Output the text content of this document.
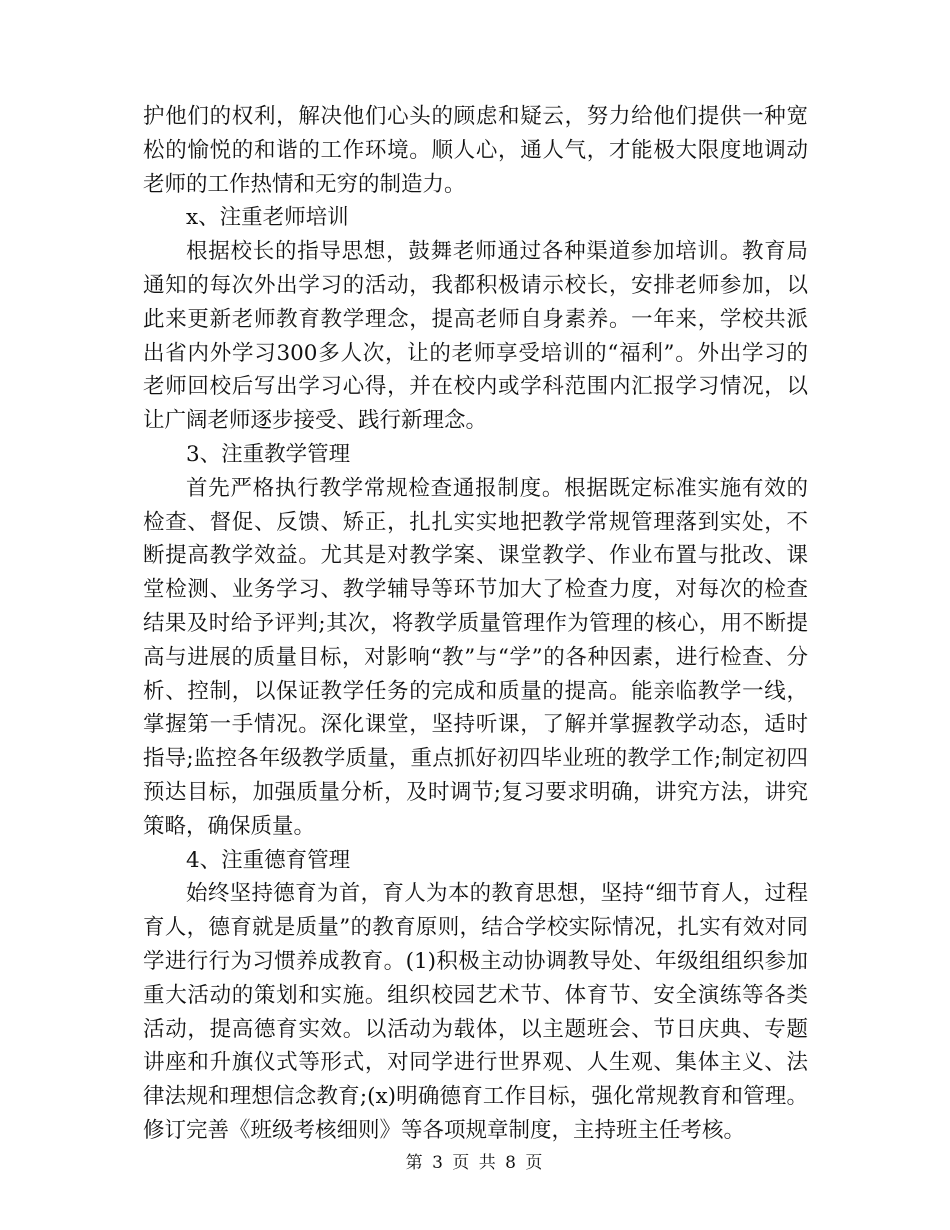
护他们的权利，解决他们心头的顾虑和疑云，努力给他们提供一种宽松的愉悦的和谐的工作环境。顺人心，通人气，才能极大限度地调动老师的工作热情和无穷的制造力。

x、注重老师培训

根据校长的指导思想，鼓舞老师通过各种渠道参加培训。教育局通知的每次外出学习的活动，我都积极请示校长，安排老师参加，以此来更新老师教育教学理念，提高老师自身素养。一年来，学校共派出省内外学习300多人次，让的老师享受培训的“福利”。外出学习的老师回校后写出学习心得，并在校内或学科范围内汇报学习情况，以让广阔老师逐步接受、践行新理念。

3、注重教学管理

首先严格执行教学常规检查通报制度。根据既定标准实施有效的检查、督促、反馈、矫正，扎扎实实地把教学常规管理落到实处，不断提高教学效益。尤其是对教学案、课堂教学、作业布置与批改、课堂检测、业务学习、教学辅导等环节加大了检查力度，对每次的检查结果及时给予评判;其次，将教学质量管理作为管理的核心，用不断提高与进展的质量目标，对影响“教”与“学”的各种因素，进行检查、分析、控制，以保证教学任务的完成和质量的提高。能亲临教学一线，掌握第一手情况。深化课堂，坚持听课，了解并掌握教学动态，适时指导;监控各年级教学质量，重点抓好初四毕业班的教学工作;制定初四预达目标，加强质量分析，及时调节;复习要求明确，讲究方法，讲究策略，确保质量。

4、注重德育管理

始终坚持德育为首，育人为本的教育思想，坚持“细节育人，过程育人，德育就是质量”的教育原则，结合学校实际情况，扎实有效对同学进行行为习惯养成教育。(1)积极主动协调教导处、年级组组织参加重大活动的策划和实施。组织校园艺术节、体育节、安全演练等各类活动，提高德育实效。以活动为载体，以主题班会、节日庆典、专题讲座和升旗仪式等形式，对同学进行世界观、人生观、集体主义、法律法规和理想信念教育;(x)明确德育工作目标，强化常规教育和管理。修订完善《班级考核细则》等各项规章制度，主持班主任考核。

第 3 页 共 8 页
